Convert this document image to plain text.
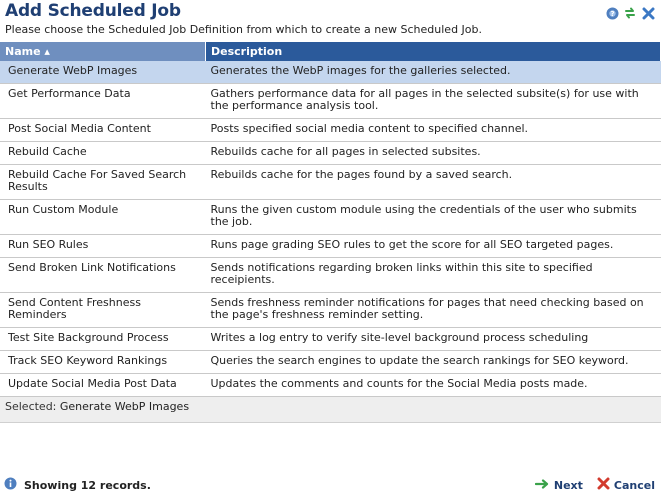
Add Scheduled Job
Please choose the Scheduled Job Definition from which to create a new Scheduled Job.
?
Name ▴	Description
Generate WebP Images	Generates the WebP images for the galleries selected.
Get Performance Data	Gathers performance data for all pages in the selected subsite(s) for use with the performance analysis tool.
Post Social Media Content	Posts specified social media content to specified channel.
Rebuild Cache	Rebuilds cache for all pages in selected subsites.
Rebuild Cache For Saved Search Results	Rebuilds cache for the pages found by a saved search.
Run Custom Module	Runs the given custom module using the credentials of the user who submits the job.
Run SEO Rules	Runs page grading SEO rules to get the score for all SEO targeted pages.
Send Broken Link Notifications	Sends notifications regarding broken links within this site to specified receipients.
Send Content Freshness Reminders	Sends freshness reminder notifications for pages that need checking based on the page's freshness reminder setting.
Test Site Background Process	Writes a log entry to verify site-level background process scheduling
Track SEO Keyword Rankings	Queries the search engines to update the search rankings for SEO keyword.
Update Social Media Post Data	Updates the comments and counts for the Social Media posts made.
Selected: Generate WebP Images	
Showing 12 records.	Next	Cancel
